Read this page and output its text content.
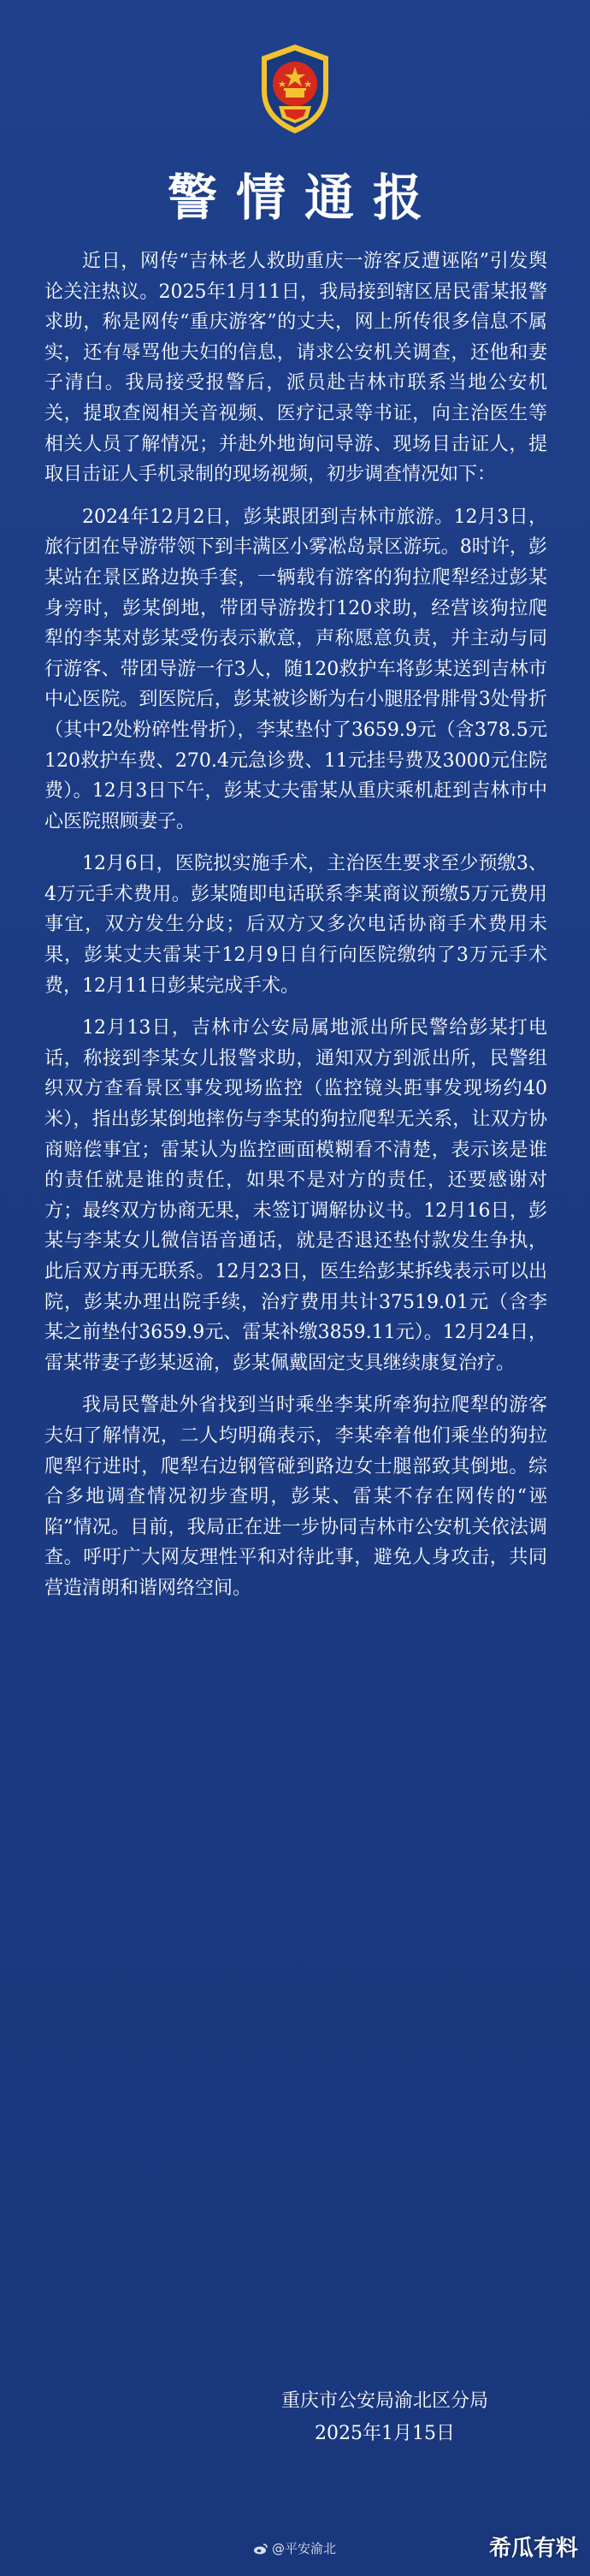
警情通报

近日，网传“吉林老人救助重庆一游客反遭诬陷”引发舆论关注热议。2025年1月11日，我局接到辖区居民雷某报警求助，称是网传“重庆游客”的丈夫，网上所传很多信息不属实，还有辱骂他夫妇的信息，请求公安机关调查，还他和妻子清白。我局接受报警后，派员赴吉林市联系当地公安机关，提取查阅相关音视频、医疗记录等书证，向主治医生等相关人员了解情况；并赴外地询问导游、现场目击证人，提取目击证人手机录制的现场视频，初步调查情况如下：

2024年12月2日，彭某跟团到吉林市旅游。12月3日，旅行团在导游带领下到丰满区小雾凇岛景区游玩。8时许，彭某站在景区路边换手套，一辆载有游客的狗拉爬犁经过彭某身旁时，彭某倒地，带团导游拨打120求助，经营该狗拉爬犁的李某对彭某受伤表示歉意，声称愿意负责，并主动与同行游客、带团导游一行3人，随120救护车将彭某送到吉林市中心医院。到医院后，彭某被诊断为右小腿胫骨腓骨3处骨折（其中2处粉碎性骨折），李某垫付了3659.9元（含378.5元120救护车费、270.4元急诊费、11元挂号费及3000元住院费）。12月3日下午，彭某丈夫雷某从重庆乘机赶到吉林市中心医院照顾妻子。

12月6日，医院拟实施手术，主治医生要求至少预缴3、4万元手术费用。彭某随即电话联系李某商议预缴5万元费用事宜，双方发生分歧；后双方又多次电话协商手术费用未果，彭某丈夫雷某于12月9日自行向医院缴纳了3万元手术费，12月11日彭某完成手术。

12月13日，吉林市公安局属地派出所民警给彭某打电话，称接到李某女儿报警求助，通知双方到派出所，民警组织双方查看景区事发现场监控（监控镜头距事发现场约40米），指出彭某倒地摔伤与李某的狗拉爬犁无关系，让双方协商赔偿事宜；雷某认为监控画面模糊看不清楚，表示该是谁的责任就是谁的责任，如果不是对方的责任，还要感谢对方；最终双方协商无果，未签订调解协议书。12月16日，彭某与李某女儿微信语音通话，就是否退还垫付款发生争执，此后双方再无联系。12月23日，医生给彭某拆线表示可以出院，彭某办理出院手续，治疗费用共计37519.01元（含李某之前垫付3659.9元、雷某补缴3859.11元）。12月24日，雷某带妻子彭某返渝，彭某佩戴固定支具继续康复治疗。

我局民警赴外省找到当时乘坐李某所牵狗拉爬犁的游客夫妇了解情况，二人均明确表示，李某牵着他们乘坐的狗拉爬犁行进时，爬犁右边钢管碰到路边女士腿部致其倒地。综合多地调查情况初步查明，彭某、雷某不存在网传的“诬陷”情况。目前，我局正在进一步协同吉林市公安机关依法调查。呼吁广大网友理性平和对待此事，避免人身攻击，共同营造清朗和谐网络空间。

重庆市公安局渝北区分局
2025年1月15日
@平安渝北	希瓜有料
